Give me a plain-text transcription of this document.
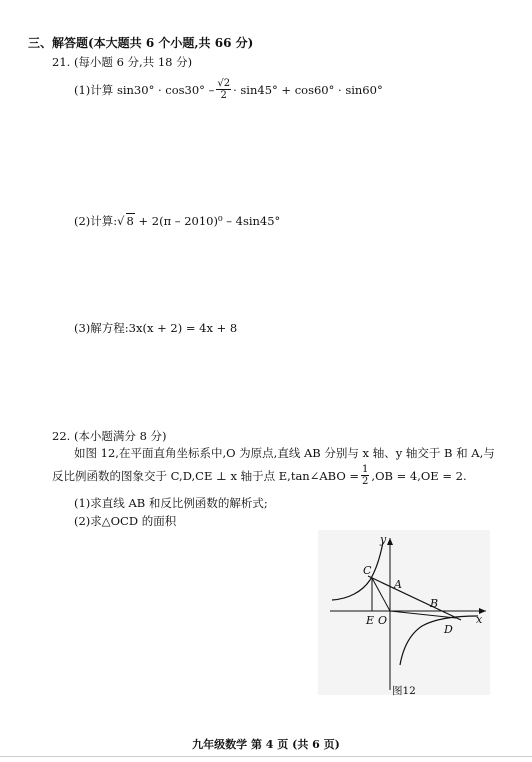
三、解答题(本大题共 6 个小题,共 66 分)
21. (每小题 6 分,共 18 分)
(1)计算 $\sin 30^\circ \cdot \cos 30^\circ - \frac{√2}{2} \cdot \sin 45^\circ + \cos 60^\circ \cdot \sin 60^\circ$
(2)计算:√ 8 + 2(π – 2010)⁰ – 4sin45°
(3)解方程:3x(x + 2) = 4x + 8
22. (本小题满分 8 分)
如图 12,在平面直角坐标系中,O 为原点,直线 AB 分别与 x 轴、y 轴交于 B 和 A,与
反比例函数的图象交于 C,D,CE ⊥ x 轴于点 E,tan∠ABO = $\frac{1}{2} ,OB = 4,OE = 2$.
(1)求直线 AB 和反比例函数的解析式;
(2)求△OCD 的面积
y
x
C
A
B
D
E O
图12
九年级数学 第 4 页 (共 6 页)
